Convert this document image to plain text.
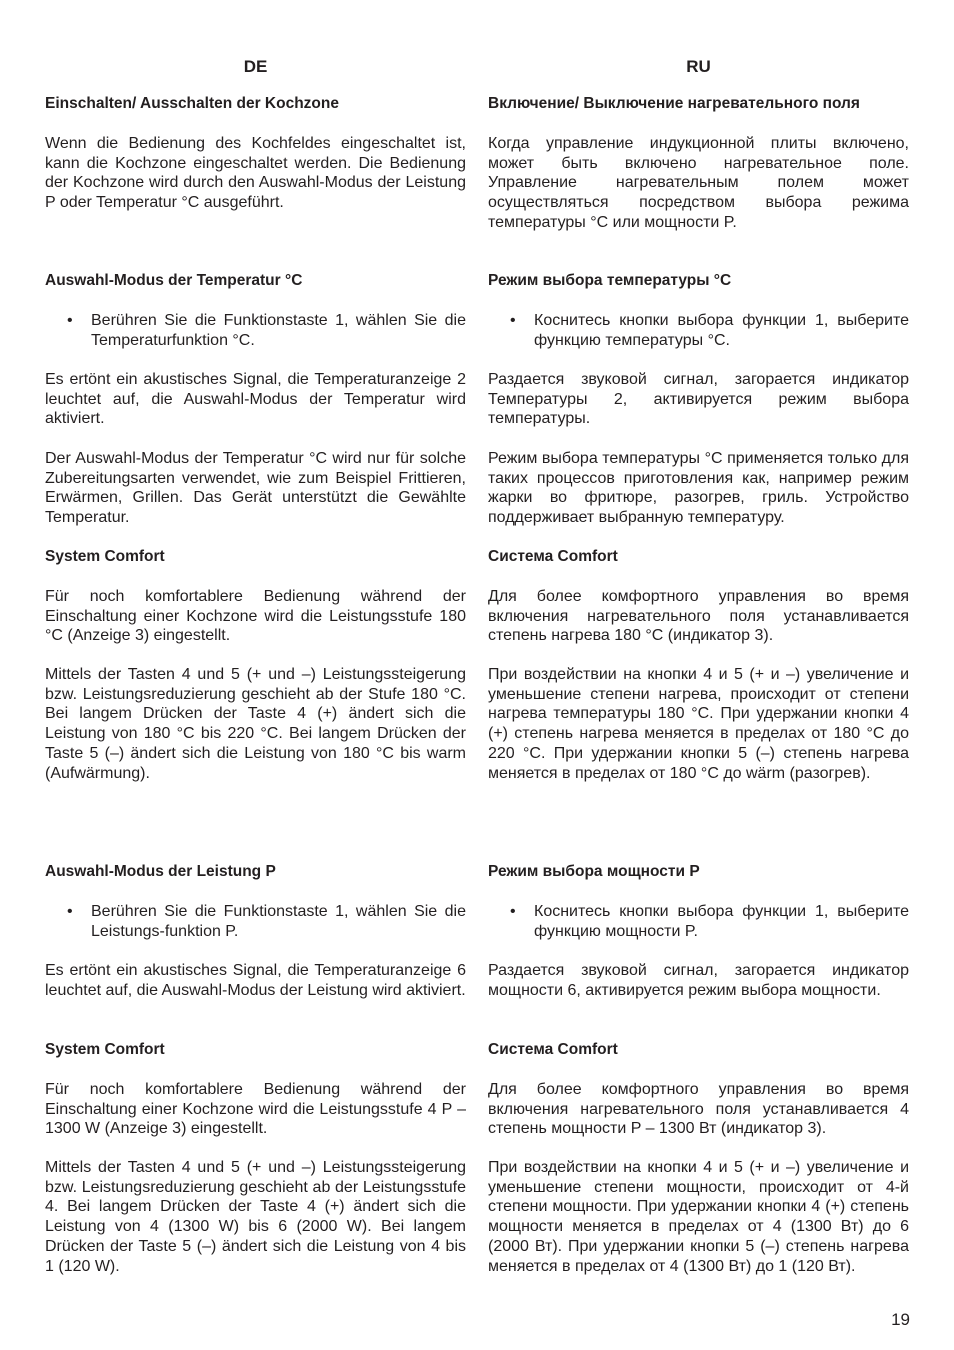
DE
Einschalten/ Ausschalten der Kochzone
Wenn die Bedienung des Kochfeldes eingeschaltet ist, kann die Kochzone eingeschaltet werden. Die Bedienung der Kochzone wird durch den Auswahl-Modus der Leistung P oder Temperatur °C ausgeführt.
Auswahl-Modus der Temperatur °C
• Berühren Sie die Funktionstaste 1, wählen Sie die Temperaturfunktion °C.
Es ertönt ein akustisches Signal, die Temperaturanzeige 2 leuchtet auf, die Auswahl-Modus der Temperatur wird aktiviert.
Der Auswahl-Modus der Temperatur °C wird nur für solche Zubereitungsarten verwendet, wie zum Beispiel Frittieren, Erwärmen, Grillen. Das Gerät unterstützt die Gewählte Temperatur.
System Comfort
Für noch komfortablere Bedienung während der Einschaltung einer Kochzone wird die Leistungsstufe 180 °C (Anzeige 3) eingestellt.
Mittels der Tasten 4 und 5 (+ und –) Leistungssteigerung bzw. Leistungsreduzierung geschieht ab der Stufe 180 °C. Bei langem Drücken der Taste 4 (+) ändert sich die Leistung von 180 °C bis 220 °C. Bei langem Drücken der Taste 5 (–) ändert sich die Leistung von 180 °C bis warm (Aufwärmung).
Auswahl-Modus der Leistung P
• Berühren Sie die Funktionstaste 1, wählen Sie die Leistungs-funktion P.
Es ertönt ein akustisches Signal, die Temperaturanzeige 6 leuchtet auf, die Auswahl-Modus der Leistung wird aktiviert.
System Comfort
Für noch komfortablere Bedienung während der Einschaltung einer Kochzone wird die Leistungsstufe 4 P – 1300 W (Anzeige 3) eingestellt.
Mittels der Tasten 4 und 5 (+ und –) Leistungssteigerung bzw. Leistungsreduzierung geschieht ab der Leistungsstufe 4. Bei langem Drücken der Taste 4 (+) ändert sich die Leistung von 4 (1300 W) bis 6 (2000 W). Bei langem Drücken der Taste 5 (–) ändert sich die Leistung von 4 bis 1 (120 W).
RU
Включение/ Выключение нагревательного поля
Когда управление индукционной плиты включено, может быть включено нагревательное поле. Управление нагревательным полем может осуществляться посредством выбора режима температуры °C или мощности P.
Режим выбора температуры °C
• Коснитесь кнопки выбора функции 1, выберите функцию температуры °C.
Раздается звуковой сигнал, загорается индикатор Температуры 2, активируется режим выбора температуры.
Режим выбора температуры °C применяется только для таких процессов приготовления как, например режим жарки во фритюре, разогрев, гриль. Устройство поддерживает выбранную температуру.
Система Comfort
Для более комфортного управления во время включения нагревательного поля устанавливается степень нагрева 180 °C (индикатор 3).
При воздействии на кнопки 4 и 5 (+ и –) увеличение и уменьшение степени нагрева, происходит от степени нагрева температуры 180 °C. При удержании кнопки 4 (+) степень нагрева меняется в пределах от 180 °C до 220 °C. При удержании кнопки 5 (–) степень нагрева меняется в пределах от 180 °C до wärm (разогрев).
Режим выбора мощности P
• Коснитесь кнопки выбора функции 1, выберите функцию мощности P.
Раздается звуковой сигнал, загорается индикатор мощности 6, активируется режим выбора мощности.
Система Comfort
Для более комфортного управления во время включения нагревательного поля устанавливается 4 степень мощности P – 1300 Вт (индикатор 3).
При воздействии на кнопки 4 и 5 (+ и –) увеличение и уменьшение степени мощности, происходит от 4-й степени мощности. При удержании кнопки 4 (+) степень мощности меняется в пределах от 4 (1300 Вт) до 6 (2000 Вт). При удержании кнопки 5 (–) степень нагрева меняется в пределах от 4 (1300 Вт) до 1 (120 Вт).
19
